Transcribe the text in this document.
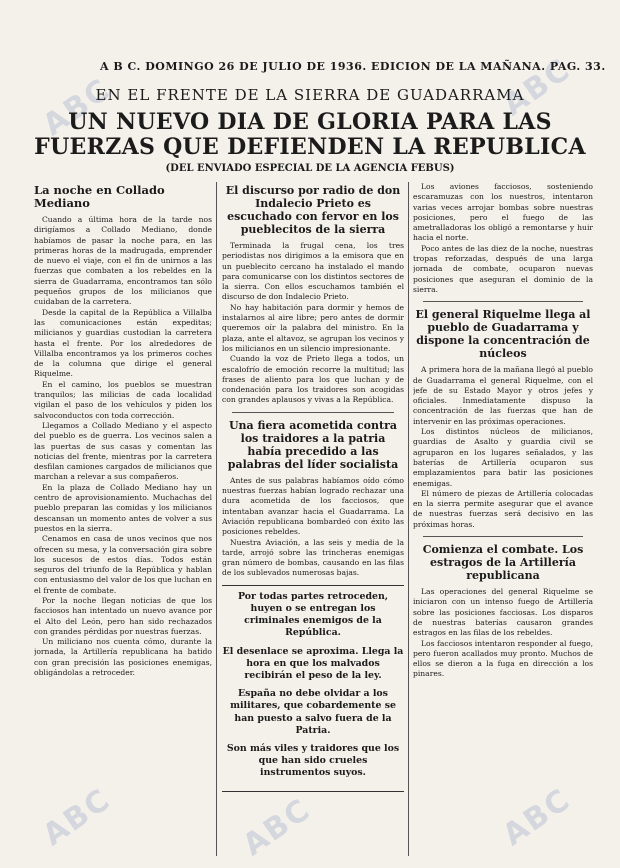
ABC	ABC
ABC	ABC	ABC
A B C. DOMINGO 26 DE JULIO DE 1936. EDICION DE LA MAÑANA. PAG. 33.
EN EL FRENTE DE LA SIERRA DE GUADARRAMA
UN NUEVO DIA DE GLORIA PARA LAS FUERZAS QUE DEFIENDEN LA REPUBLICA
(DEL ENVIADO ESPECIAL DE LA AGENCIA FEBUS)
La noche en Collado Mediano

Cuando a última hora de la tarde nos dirigíamos a Collado Mediano, donde habíamos de pasar la noche para, en las primeras horas de la madrugada, emprender de nuevo el viaje, con el fin de unirnos a las fuerzas que combaten a los rebeldes en la sierra de Guadarrama, encontramos tan sólo pequeños grupos de los milicianos que cuidaban de la carretera.

Desde la capital de la República a Villalba las comunicaciones están expeditas; milicianos y guardias custodian la carretera hasta el frente. Por los alrededores de Villalba encontramos ya los primeros coches de la columna que dirige el general Riquelme.

En el camino, los pueblos se muestran tranquilos; las milicias de cada localidad vigilan el paso de los vehículos y piden los salvoconductos con toda corrección.

Llegamos a Collado Mediano y el aspecto del pueblo es de guerra. Los vecinos salen a las puertas de sus casas y comentan las noticias del frente, mientras por la carretera desfilan camiones cargados de milicianos que marchan a relevar a sus compañeros.

En la plaza de Collado Mediano hay un centro de aprovisionamiento. Muchachas del pueblo preparan las comidas y los milicianos descansan un momento antes de volver a sus puestos en la sierra.

Cenamos en casa de unos vecinos que nos ofrecen su mesa, y la conversación gira sobre los sucesos de estos días. Todos están seguros del triunfo de la República y hablan con entusiasmo del valor de los que luchan en el frente de combate.

Por la noche llegan noticias de que los facciosos han intentado un nuevo avance por el Alto del León, pero han sido rechazados con grandes pérdidas por nuestras fuerzas.

Un miliciano nos cuenta cómo, durante la jornada, la Artillería republicana ha batido con gran precisión las posiciones enemigas, obligándolas a retroceder.

El discurso por radio de don Indalecio Prieto es escuchado con fervor en los pueblecitos de la sierra

Terminada la frugal cena, los tres periodistas nos dirigimos a la emisora que en un pueblecito cercano ha instalado el mando para comunicarse con los distintos sectores de la sierra. Con ellos escuchamos también el discurso de don Indalecio Prieto.

No hay habitación para dormir y hemos de instalarnos al aire libre; pero antes de dormir queremos oír la palabra del ministro. En la plaza, ante el altavoz, se agrupan los vecinos y los milicianos en un silencio impresionante.

Cuando la voz de Prieto llega a todos, un escalofrío de emoción recorre la multitud; las frases de aliento para los que luchan y de condenación para los traidores son acogidas con grandes aplausos y vivas a la República.

Una fiera acometida contra los traidores a la patria había precedido a las palabras del líder socialista

Antes de sus palabras habíamos oído cómo nuestras fuerzas habían logrado rechazar una dura acometida de los facciosos, que intentaban avanzar hacia el Guadarrama. La Aviación republicana bombardeó con éxito las posiciones rebeldes.

Nuestra Aviación, a las seis y media de la tarde, arrojó sobre las trincheras enemigas gran número de bombas, causando en las filas de los sublevados numerosas bajas.

Por todas partes retroceden, huyen o se entregan los criminales enemigos de la República.

El desenlace se aproxima. Llega la hora en que los malvados recibirán el peso de la ley.

España no debe olvidar a los militares, que cobardemente se han puesto a salvo fuera de la Patria.

Son más viles y traidores que los que han sido crueles instrumentos suyos.

Los aviones facciosos, sosteniendo escaramuzas con los nuestros, intentaron varias veces arrojar bombas sobre nuestras posiciones, pero el fuego de las ametralladoras los obligó a remontarse y huir hacia el norte.

Poco antes de las diez de la noche, nuestras tropas reforzadas, después de una larga jornada de combate, ocuparon nuevas posiciones que aseguran el dominio de la sierra.

El general Riquelme llega al pueblo de Guadarrama y dispone la concentración de núcleos

A primera hora de la mañana llegó al pueblo de Guadarrama el general Riquelme, con el jefe de su Estado Mayor y otros jefes y oficiales. Inmediatamente dispuso la concentración de las fuerzas que han de intervenir en las próximas operaciones.

Los distintos núcleos de milicianos, guardias de Asalto y guardia civil se agruparon en los lugares señalados, y las baterías de Artillería ocuparon sus emplazamientos para batir las posiciones enemigas.

El número de piezas de Artillería colocadas en la sierra permite asegurar que el avance de nuestras fuerzas será decisivo en las próximas horas.

Comienza el combate. Los estragos de la Artillería republicana

Las operaciones del general Riquelme se iniciaron con un intenso fuego de Artillería sobre las posiciones facciosas. Los disparos de nuestras baterías causaron grandes estragos en las filas de los rebeldes.

Los facciosos intentaron responder al fuego, pero fueron acallados muy pronto. Muchos de ellos se dieron a la fuga en dirección a los pinares.
